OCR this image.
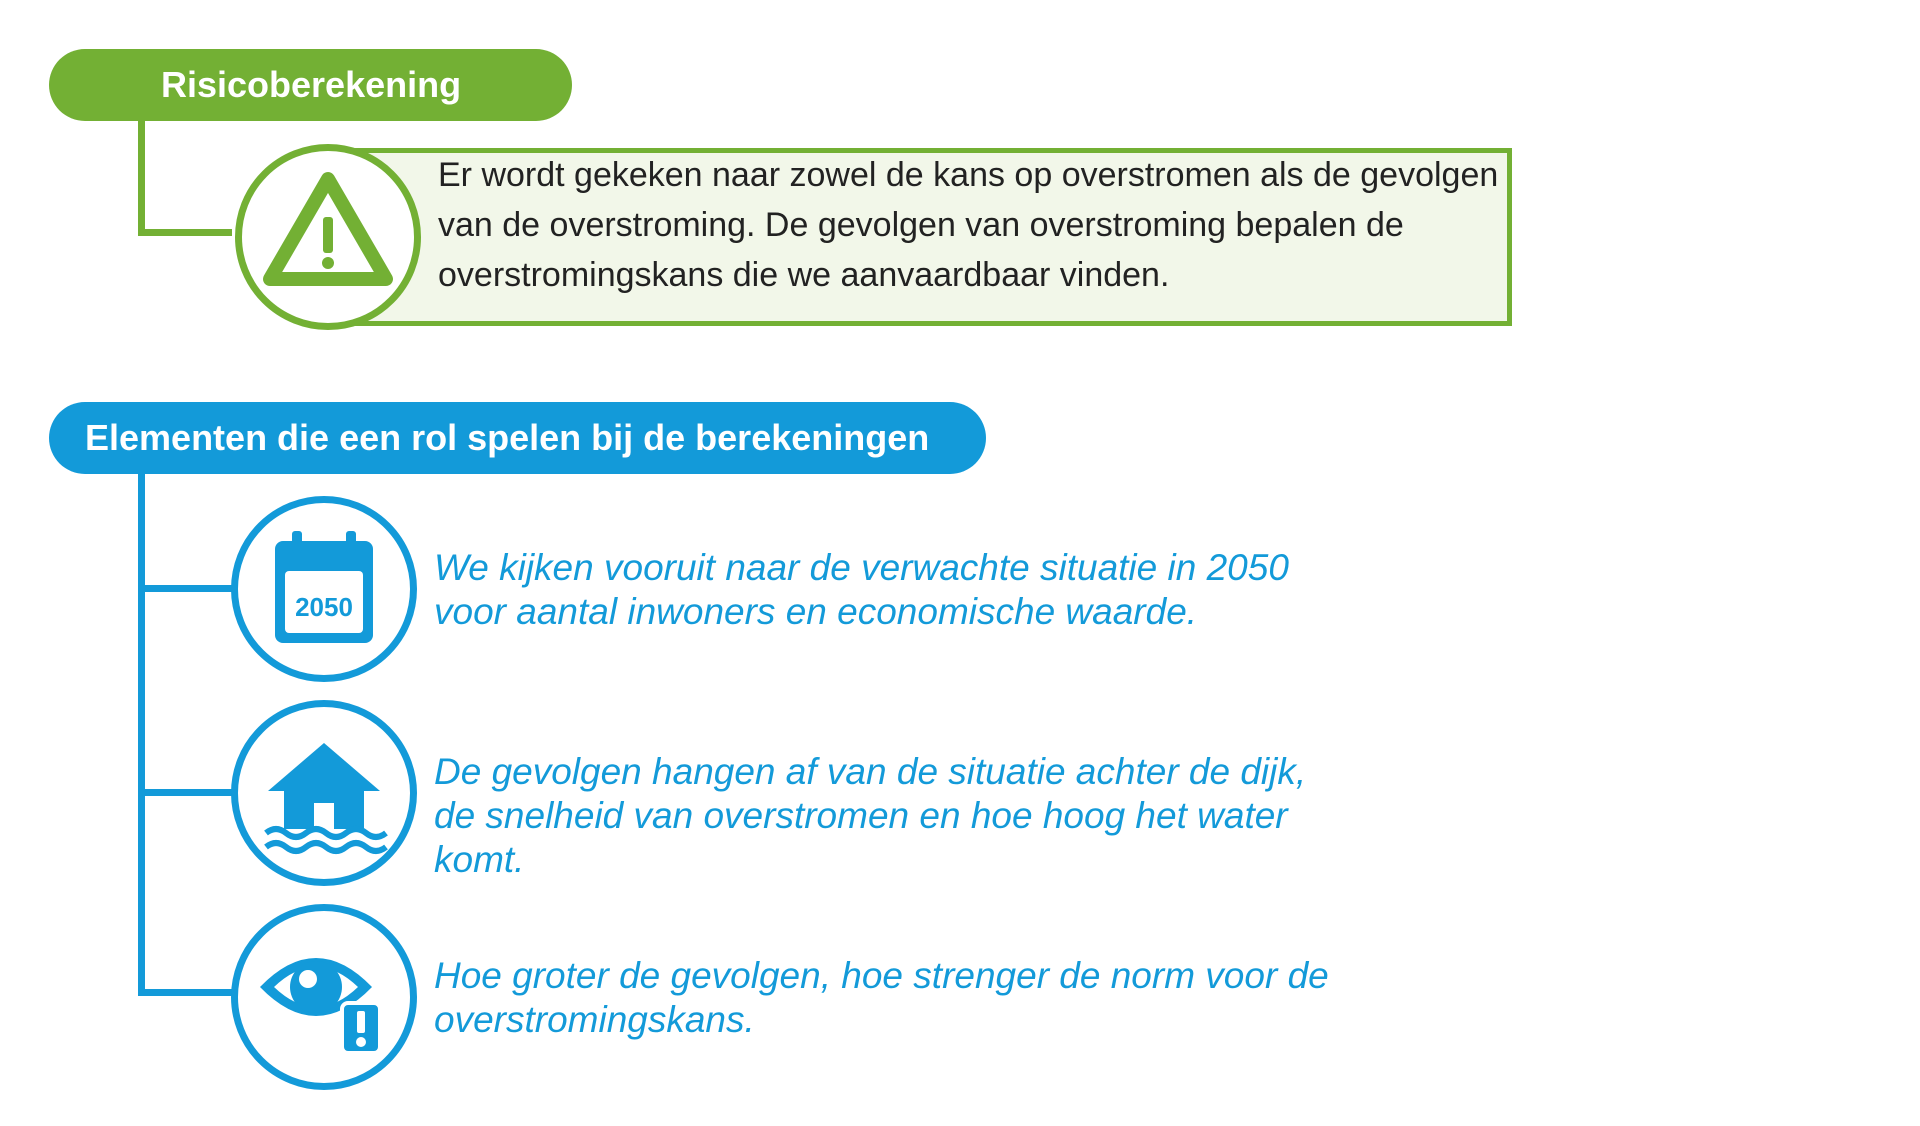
Risicoberekening
Er wordt gekeken naar zowel de kans op overstromen als de gevolgen van de overstroming. De gevolgen van overstroming bepalen de overstromingskans die we aanvaardbaar vinden.
Elementen die een rol spelen bij de berekeningen
2050
We kijken vooruit naar de verwachte situatie in 2050 voor aantal inwoners en economische waarde.
De gevolgen hangen af van de situatie achter de dijk, de snelheid van overstromen en hoe hoog het water komt.
Hoe groter de gevolgen, hoe strenger de norm voor de overstromingskans.
